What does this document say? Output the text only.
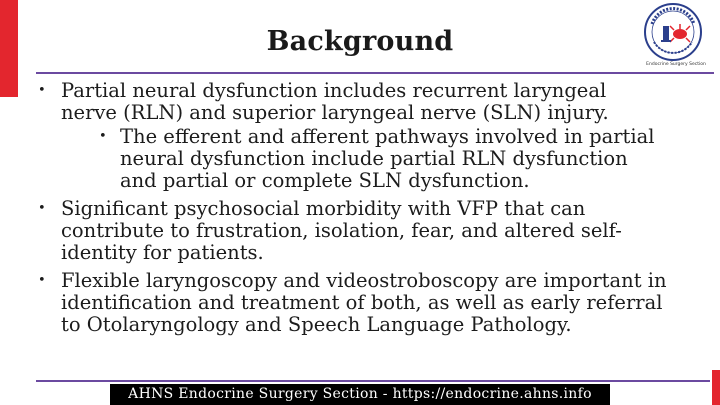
Background
Endocrine Surgery Section
• Partial neural dysfunction includes recurrent laryngeal nerve (RLN) and superior laryngeal nerve (SLN) injury.
• The efferent and afferent pathways involved in partial neural dysfunction include partial RLN dysfunction and partial or complete SLN dysfunction.
• Significant psychosocial morbidity with VFP that can contribute to frustration, isolation, fear, and altered self-identity for patients.
• Flexible laryngoscopy and videostroboscopy are important in identification and treatment of both, as well as early referral to Otolaryngology and Speech Language Pathology.
AHNS Endocrine Surgery Section - https://endocrine.ahns.info
